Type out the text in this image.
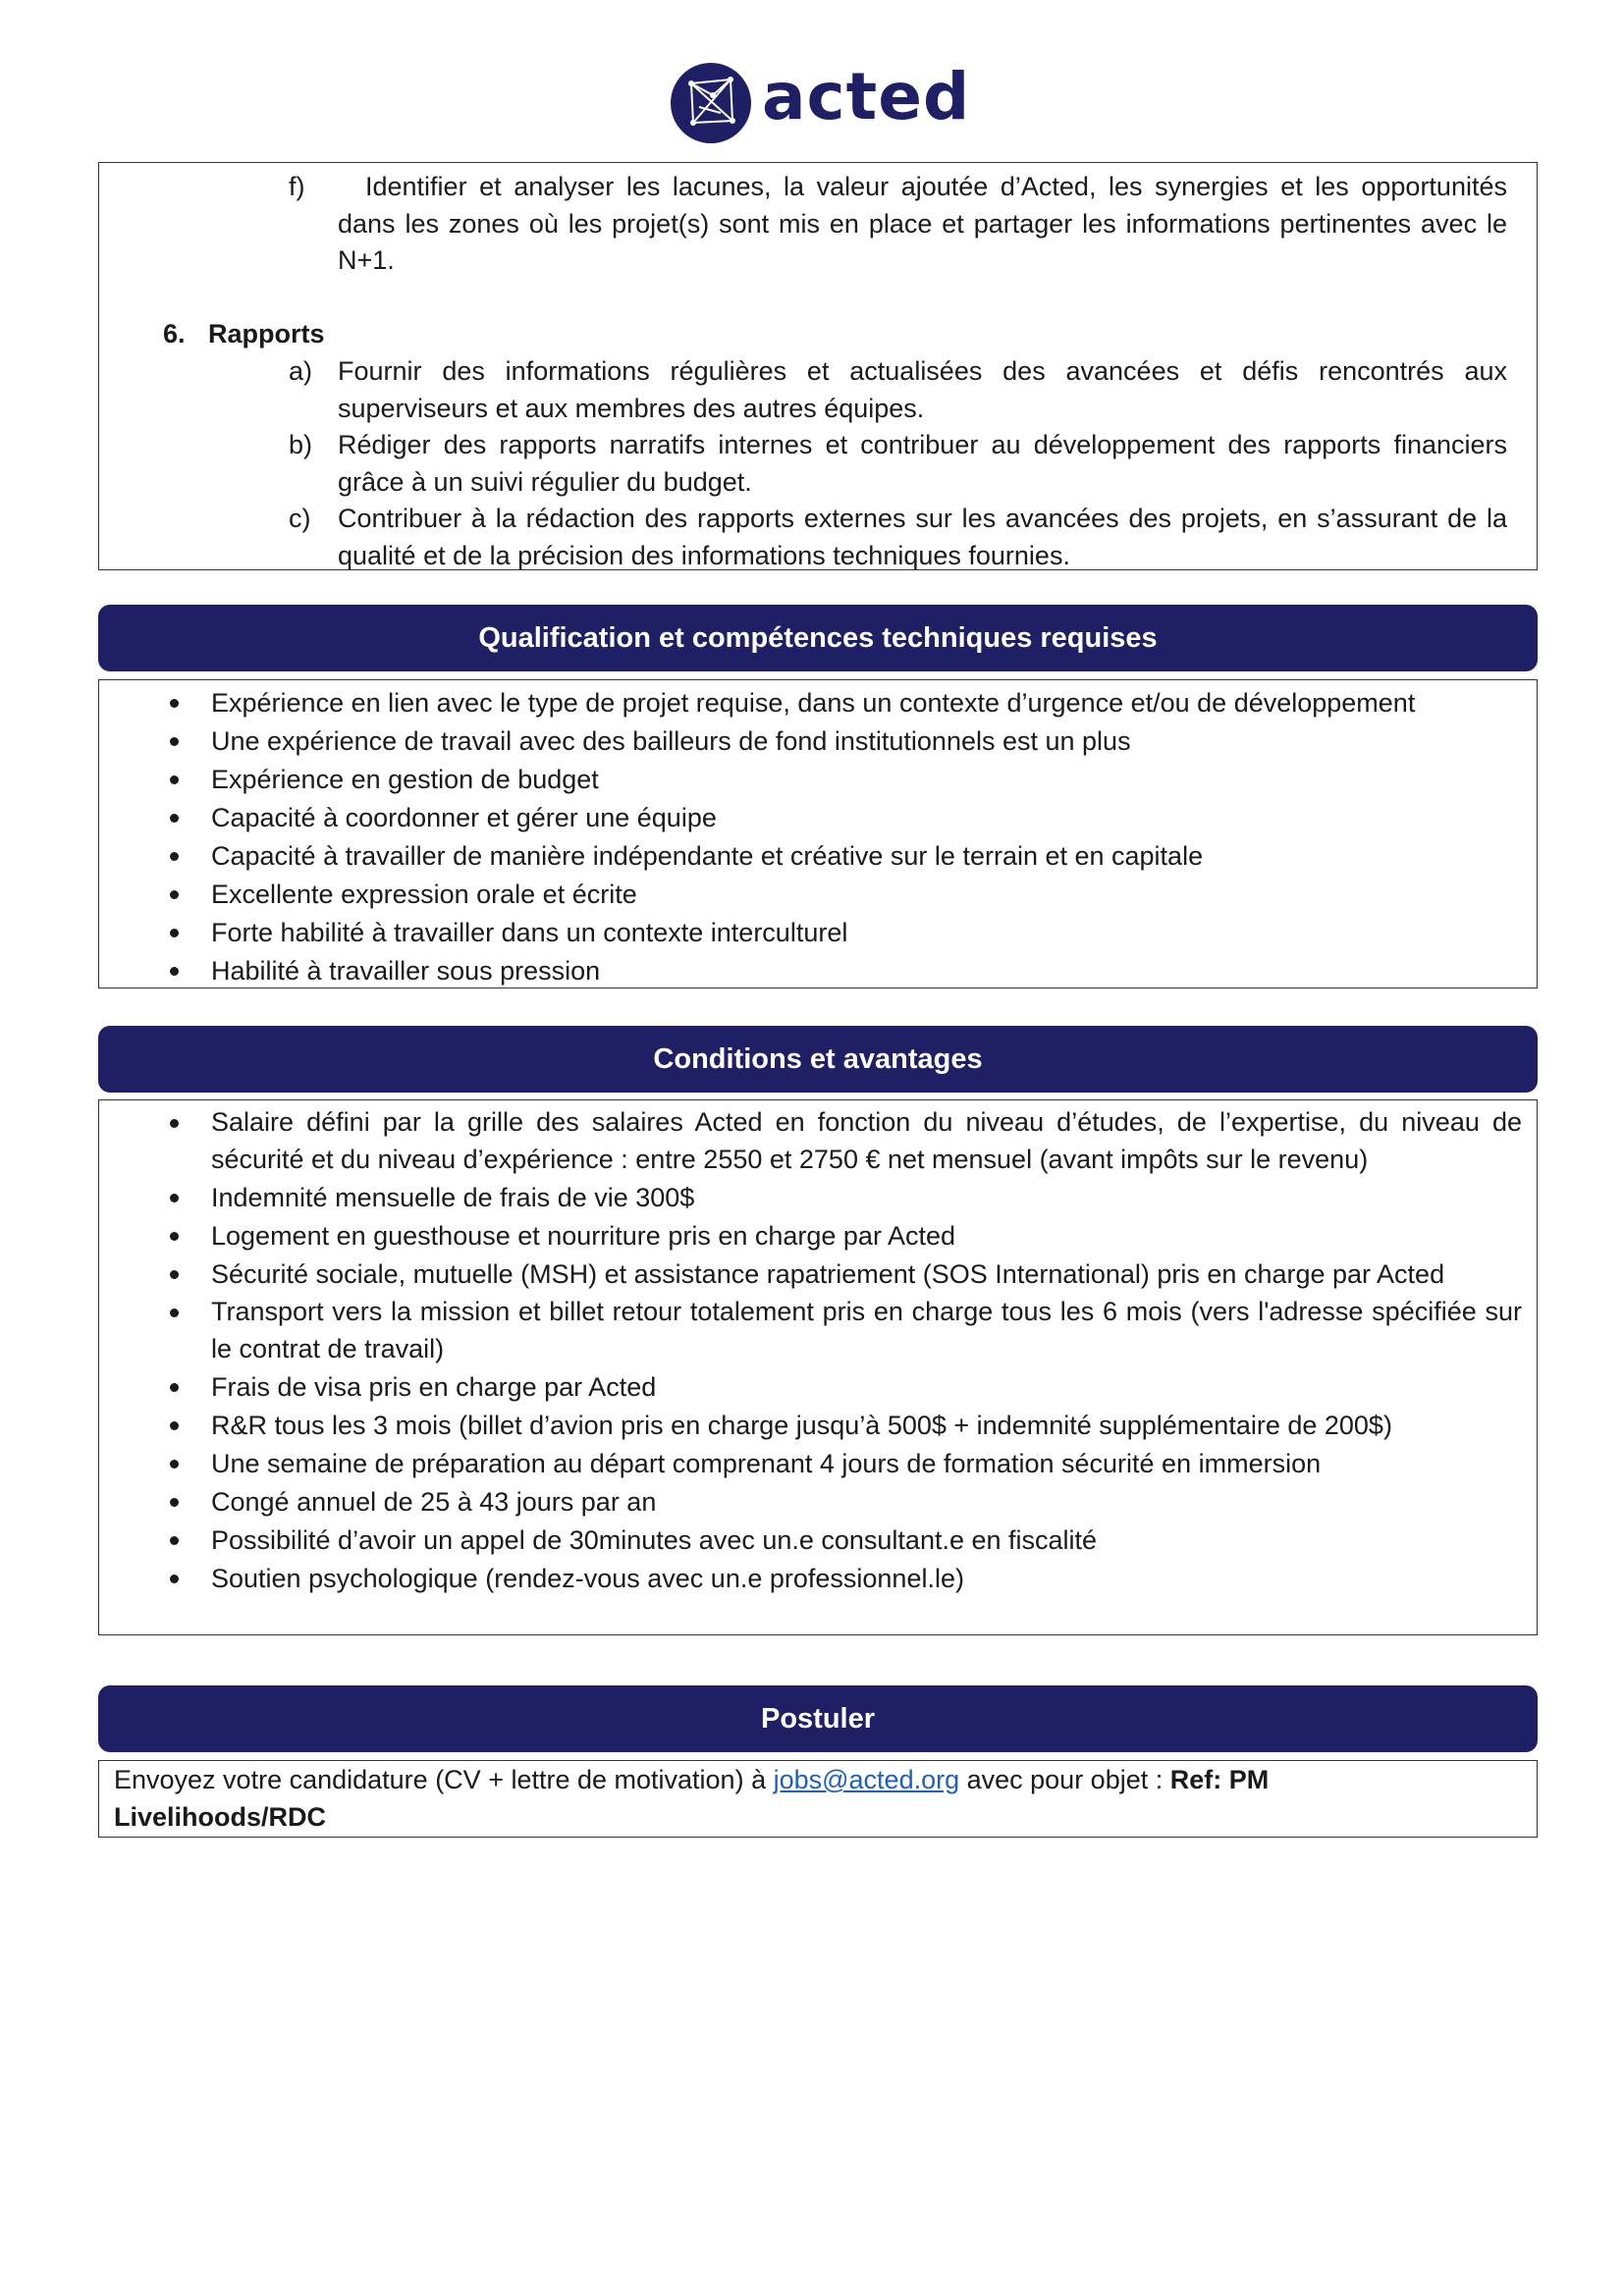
acted
f)	Identifier et analyser les lacunes, la valeur ajoutée d’Acted, les synergies et les opportunités dans les zones où les projet(s) sont mis en place et partager les informations pertinentes avec le N+1.
6. Rapports
a) Fournir des informations régulières et actualisées des avancées et défis rencontrés aux superviseurs et aux membres des autres équipes.
b) Rédiger des rapports narratifs internes et contribuer au développement des rapports financiers grâce à un suivi régulier du budget.
c) Contribuer à la rédaction des rapports externes sur les avancées des projets, en s’assurant de la qualité et de la précision des informations techniques fournies.
Qualification et compétences techniques requises
Expérience en lien avec le type de projet requise, dans un contexte d’urgence et/ou de développement
Une expérience de travail avec des bailleurs de fond institutionnels est un plus
Expérience en gestion de budget
Capacité à coordonner et gérer une équipe
Capacité à travailler de manière indépendante et créative sur le terrain et en capitale
Excellente expression orale et écrite
Forte habilité à travailler dans un contexte interculturel
Habilité à travailler sous pression
Conditions et avantages
Salaire défini par la grille des salaires Acted en fonction du niveau d’études, de l’expertise, du niveau de sécurité et du niveau d’expérience : entre 2550 et 2750 € net mensuel (avant impôts sur le revenu)
Indemnité mensuelle de frais de vie 300$
Logement en guesthouse et nourriture pris en charge par Acted
Sécurité sociale, mutuelle (MSH) et assistance rapatriement (SOS International) pris en charge par Acted
Transport vers la mission et billet retour totalement pris en charge tous les 6 mois (vers l'adresse spécifiée sur le contrat de travail)
Frais de visa pris en charge par Acted
R&R tous les 3 mois (billet d’avion pris en charge jusqu’à 500$ + indemnité supplémentaire de 200$)
Une semaine de préparation au départ comprenant 4 jours de formation sécurité en immersion
Congé annuel de 25 à 43 jours par an
Possibilité d’avoir un appel de 30minutes avec un.e consultant.e en fiscalité
Soutien psychologique (rendez-vous avec un.e professionnel.le)
Postuler
Envoyez votre candidature (CV + lettre de motivation) à jobs@acted.org avec pour objet : Ref: PM Livelihoods/RDC
